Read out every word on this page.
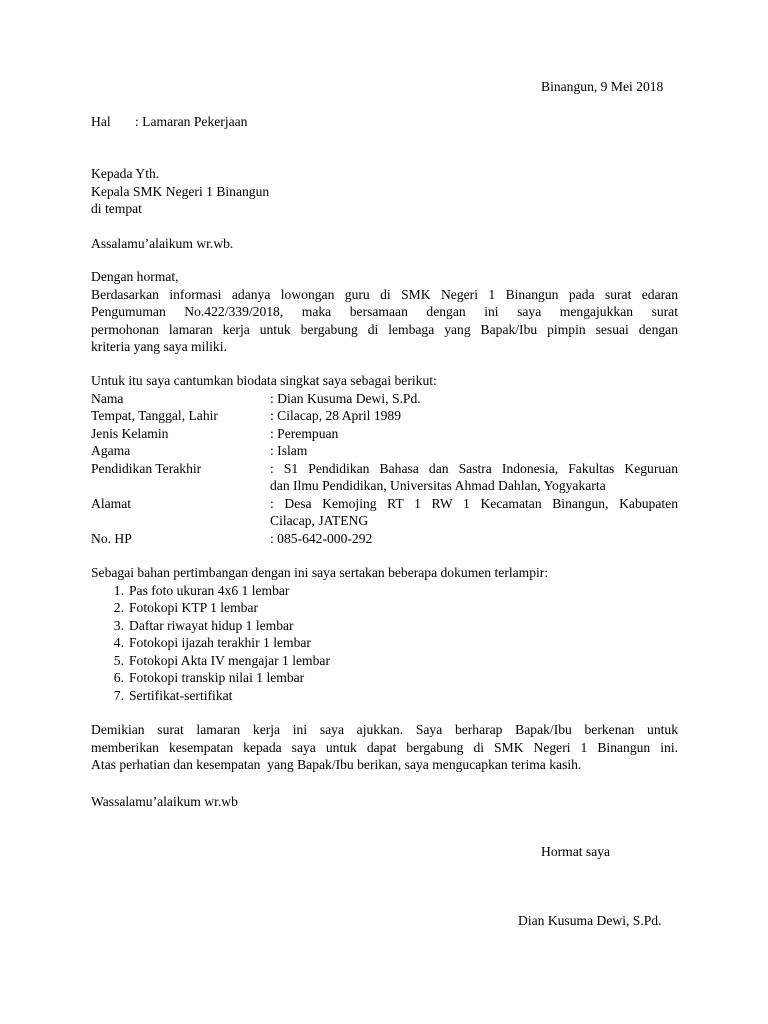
Binangun, 9 Mei 2018
Hal : Lamaran Pekerjaan
Kepada Yth.
Kepala SMK Negeri 1 Binangun
di tempat
Assalamu’alaikum wr.wb.
Dengan hormat,
Berdasarkan informasi adanya lowongan guru di SMK Negeri 1 Binangun pada surat edaran
Pengumuman No.422/339/2018, maka bersamaan dengan ini saya mengajukkan surat
permohonan lamaran kerja untuk bergabung di lembaga yang Bapak/Ibu pimpin sesuai dengan
kriteria yang saya miliki.
Untuk itu saya cantumkan biodata singkat saya sebagai berikut:
Nama	: Dian Kusuma Dewi, S.Pd.
Tempat, Tanggal, Lahir	: Cilacap, 28 April 1989
Jenis Kelamin	: Perempuan
Agama	: Islam
Pendidikan Terakhir	: S1 Pendidikan Bahasa dan Sastra Indonesia, Fakultas Keguruan
dan Ilmu Pendidikan, Universitas Ahmad Dahlan, Yogyakarta
Alamat	: Desa Kemojing RT 1 RW 1 Kecamatan Binangun, Kabupaten
Cilacap, JATENG
No. HP	: 085-642-000-292
Sebagai bahan pertimbangan dengan ini saya sertakan beberapa dokumen terlampir:
1. Pas foto ukuran 4x6 1 lembar
2. Fotokopi KTP 1 lembar
3. Daftar riwayat hidup 1 lembar
4. Fotokopi ijazah terakhir 1 lembar
5. Fotokopi Akta IV mengajar 1 lembar
6. Fotokopi transkip nilai 1 lembar
7. Sertifikat-sertifikat
Demikian surat lamaran kerja ini saya ajukkan. Saya berharap Bapak/Ibu berkenan untuk
memberikan kesempatan kepada saya untuk dapat bergabung di SMK Negeri 1 Binangun ini.
Atas perhatian dan kesempatan  yang Bapak/Ibu berikan, saya mengucapkan terima kasih.
Wassalamu’alaikum wr.wb
Hormat saya
Dian Kusuma Dewi, S.Pd.
